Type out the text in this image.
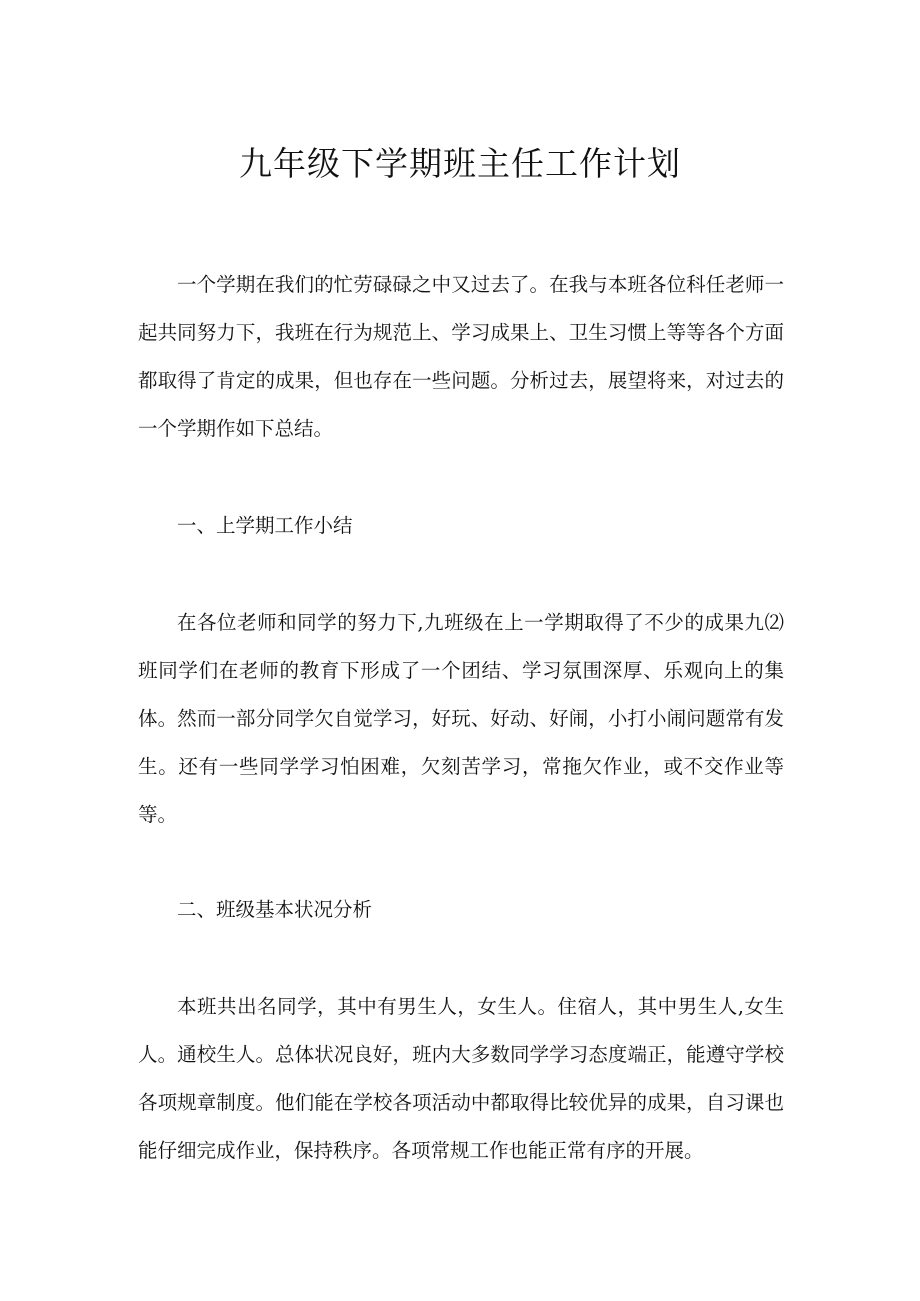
九年级下学期班主任工作计划

一个学期在我们的忙劳碌碌之中又过去了。在我与本班各位科任老师一起共同努力下，我班在行为规范上、学习成果上、卫生习惯上等等各个方面都取得了肯定的成果，但也存在一些问题。分析过去，展望将来，对过去的一个学期作如下总结。

一、上学期工作小结

在各位老师和同学的努力下,九班级在上一学期取得了不少的成果九⑵班同学们在老师的教育下形成了一个团结、学习氛围深厚、乐观向上的集体。然而一部分同学欠自觉学习，好玩、好动、好闹，小打小闹问题常有发生。还有一些同学学习怕困难，欠刻苦学习，常拖欠作业，或不交作业等等。

二、班级基本状况分析

本班共出名同学，其中有男生人，女生人。住宿人，其中男生人,女生人。通校生人。总体状况良好，班内大多数同学学习态度端正，能遵守学校各项规章制度。他们能在学校各项活动中都取得比较优异的成果，自习课也能仔细完成作业，保持秩序。各项常规工作也能正常有序的开展。
